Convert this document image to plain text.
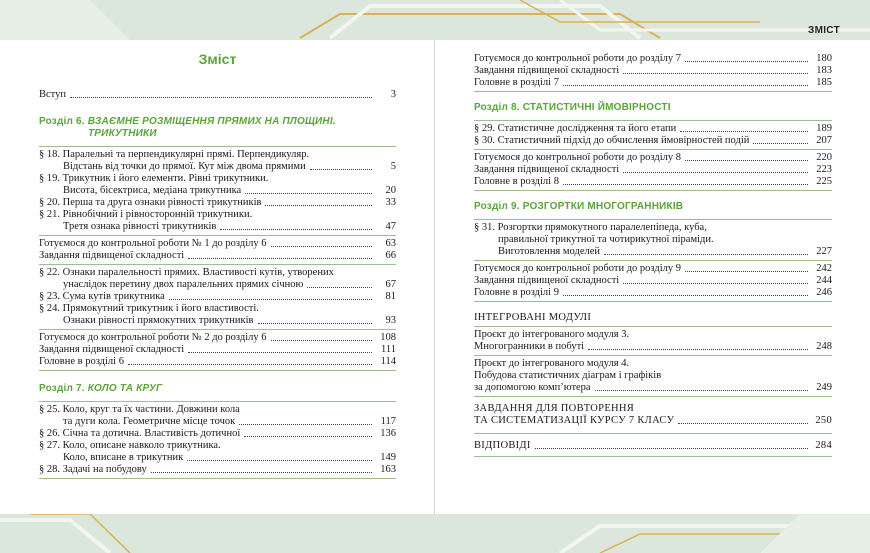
ЗМІСТ
Зміст
Вступ	3
Розділ 6. ВЗАЄМНЕ РОЗМІЩЕННЯ ПРЯМИХ НА ПЛОЩИНІ.
ТРИКУТНИКИ
§ 18. Паралельні та перпендикулярні прямі. Перпендикуляр.
Відстань від точки до прямої. Кут між двома прямими	5
§ 19. Трикутник і його елементи. Рівні трикутники.
Висота, бісектриса, медіана трикутника	20
§ 20. Перша та друга ознаки рівності трикутників	33
§ 21. Рівнобічний і рівносторонній трикутники.
Третя ознака рівності трикутників	47
Готуємося до контрольної роботи № 1 до розділу 6	63
Завдання підвищеної складності	66
§ 22. Ознаки паралельності прямих. Властивості кутів, утворених
унаслідок перетину двох паралельних прямих січною	67
§ 23. Сума кутів трикутника	81
§ 24. Прямокутний трикутник і його властивості.
Ознаки рівності прямокутних трикутників	93
Готуємося до контрольної роботи № 2 до розділу 6	108
Завдання підвищеної складності	111
Головне в розділі 6	114
Розділ 7. КОЛО ТА КРУГ
§ 25. Коло, круг та їх частини. Довжини кола
та дуги кола. Геометричне місце точок	117
§ 26. Січна та дотична. Властивість дотичної	136
§ 27. Коло, описане навколо трикутника.
Коло, вписане в трикутник	149
§ 28. Задачі на побудову	163
Готуємося до контрольної роботи до розділу 7	180
Завдання підвищеної складності	183
Головне в розділі 7	185
Розділ 8. СТАТИСТИЧНІ ЙМОВІРНОСТІ
§ 29. Статистичне дослідження та його етапи	189
§ 30. Статистичний підхід до обчислення ймовірностей подій	207
Готуємося до контрольної роботи до розділу 8	220
Завдання підвищеної складності	223
Головне в розділі 8	225
Розділ 9. РОЗГОРТКИ МНОГОГРАННИКІВ
§ 31. Розгортки прямокутного паралелепіпеда, куба,
правильної трикутної та чотирикутної піраміди.
Виготовлення моделей	227
Готуємося до контрольної роботи до розділу 9	242
Завдання підвищеної складності	244
Головне в розділі 9	246
ІНТЕГРОВАНІ МОДУЛІ
Проєкт до інтегрованого модуля 3.
Многогранники в побуті	248
Проєкт до інтегрованого модуля 4.
Побудова статистичних діаграм і графіків
за допомогою комп’ютера	249
ЗАВДАННЯ ДЛЯ ПОВТОРЕННЯ
ТА СИСТЕМАТИЗАЦІЇ КУРСУ 7 КЛАСУ	250
ВІДПОВІДІ	284
